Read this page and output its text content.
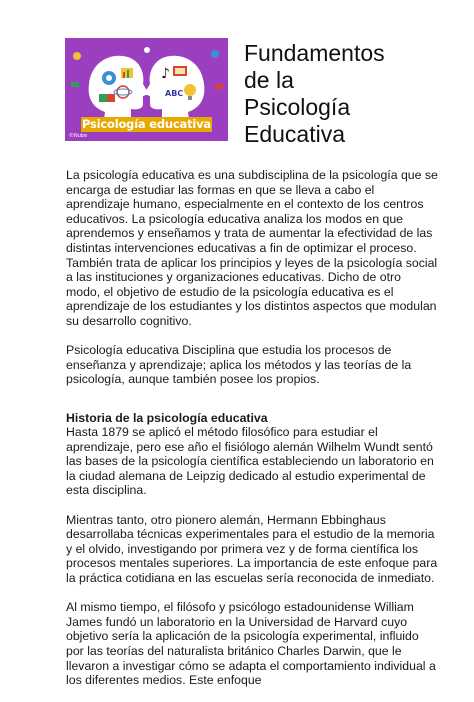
♪
ABC
Psicología educativa
©Nube
Fundamentos
de la
Psicología
Educativa

La psicología educativa es una subdisciplina de la psicología que se encarga de estudiar las formas en que se lleva a cabo el aprendizaje humano, especialmente en el contexto de los centros educativos. La psicología educativa analiza los modos en que aprendemos y enseñamos y trata de aumentar la efectividad de las distintas intervenciones educativas a fin de optimizar el proceso. También trata de aplicar los principios y leyes de la psicología social a las instituciones y organizaciones educativas. Dicho de otro modo, el objetivo de estudio de la psicología educativa es el aprendizaje de los estudiantes y los distintos aspectos que modulan su desarrollo cognitivo.

Psicología educativa Disciplina que estudia los procesos de enseñanza y aprendizaje; aplica los métodos y las teorías de la psicología, aunque también posee los propios.

Historia de la psicología educativa

Hasta 1879 se aplicó el método filosófico para estudiar el aprendizaje, pero ese año el fisiólogo alemán Wilhelm Wundt sentó las bases de la psicología científica estableciendo un laboratorio en la ciudad alemana de Leipzig dedicado al estudio experimental de esta disciplina.

Mientras tanto, otro pionero alemán, Hermann Ebbinghaus desarrollaba técnicas experimentales para el estudio de la memoria y el olvido, investigando por primera vez y de forma científica los procesos mentales superiores. La importancia de este enfoque para la práctica cotidiana en las escuelas sería reconocida de inmediato.

Al mismo tiempo, el filósofo y psicólogo estadounidense William James fundó un laboratorio en la Universidad de Harvard cuyo objetivo sería la aplicación de la psicología experimental, influido por las teorías del naturalista británico Charles Darwin, que le llevaron a investigar cómo se adapta el comportamiento individual a los diferentes medios. Este enfoque
